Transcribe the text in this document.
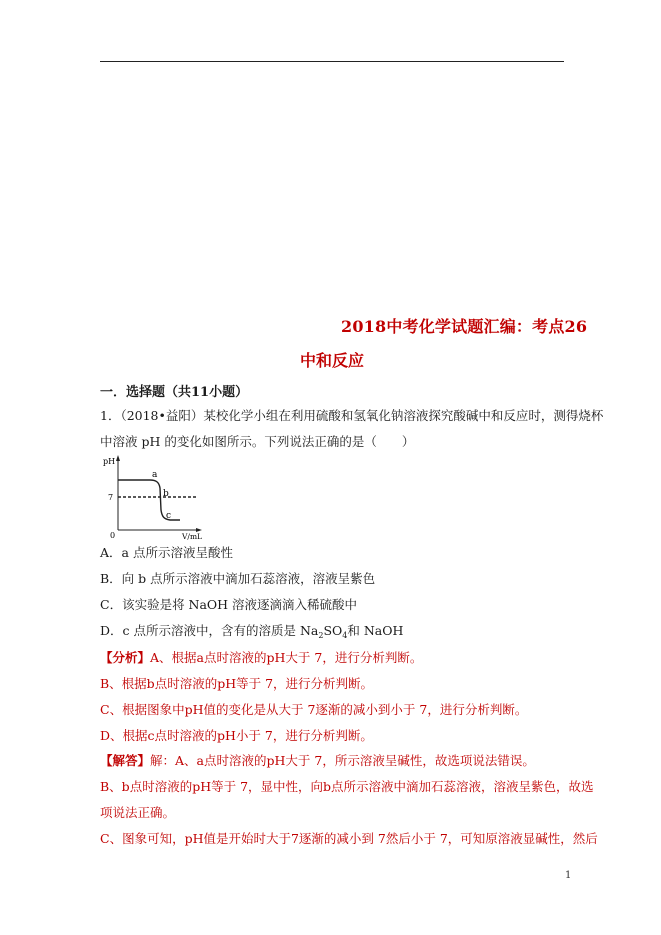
2018中考化学试题汇编：考点26
中和反应
一．选择题（共11小题）
1．（2018•益阳）某校化学小组在利用硫酸和氢氧化钠溶液探究酸碱中和反应时，测得烧杯
中溶液 pH 的变化如图所示。下列说法正确的是（　　）
pH
7
0	V/mL
a
b
c
A．a 点所示溶液呈酸性
B．向 b 点所示溶液中滴加石蕊溶液，溶液呈紫色
C．该实验是将 NaOH 溶液逐滴滴入稀硫酸中
D．c 点所示溶液中，含有的溶质是 $Na_2SO_4$和 NaOH
【分析】A、根据a点时溶液的pH大于 7，进行分析判断。
B、根据b点时溶液的pH等于 7，进行分析判断。
C、根据图象中pH值的变化是从大于 7逐渐的减小到小于 7，进行分析判断。
D、根据c点时溶液的pH小于 7，进行分析判断。
【解答】解：A、a点时溶液的pH大于 7，所示溶液呈碱性，故选项说法错误。
B、b点时溶液的pH等于 7，显中性，向b点所示溶液中滴加石蕊溶液，溶液呈紫色，故选
项说法正确。
C、图象可知，pH值是开始时大于7逐渐的减小到 7然后小于 7，可知原溶液显碱性，然后
1
